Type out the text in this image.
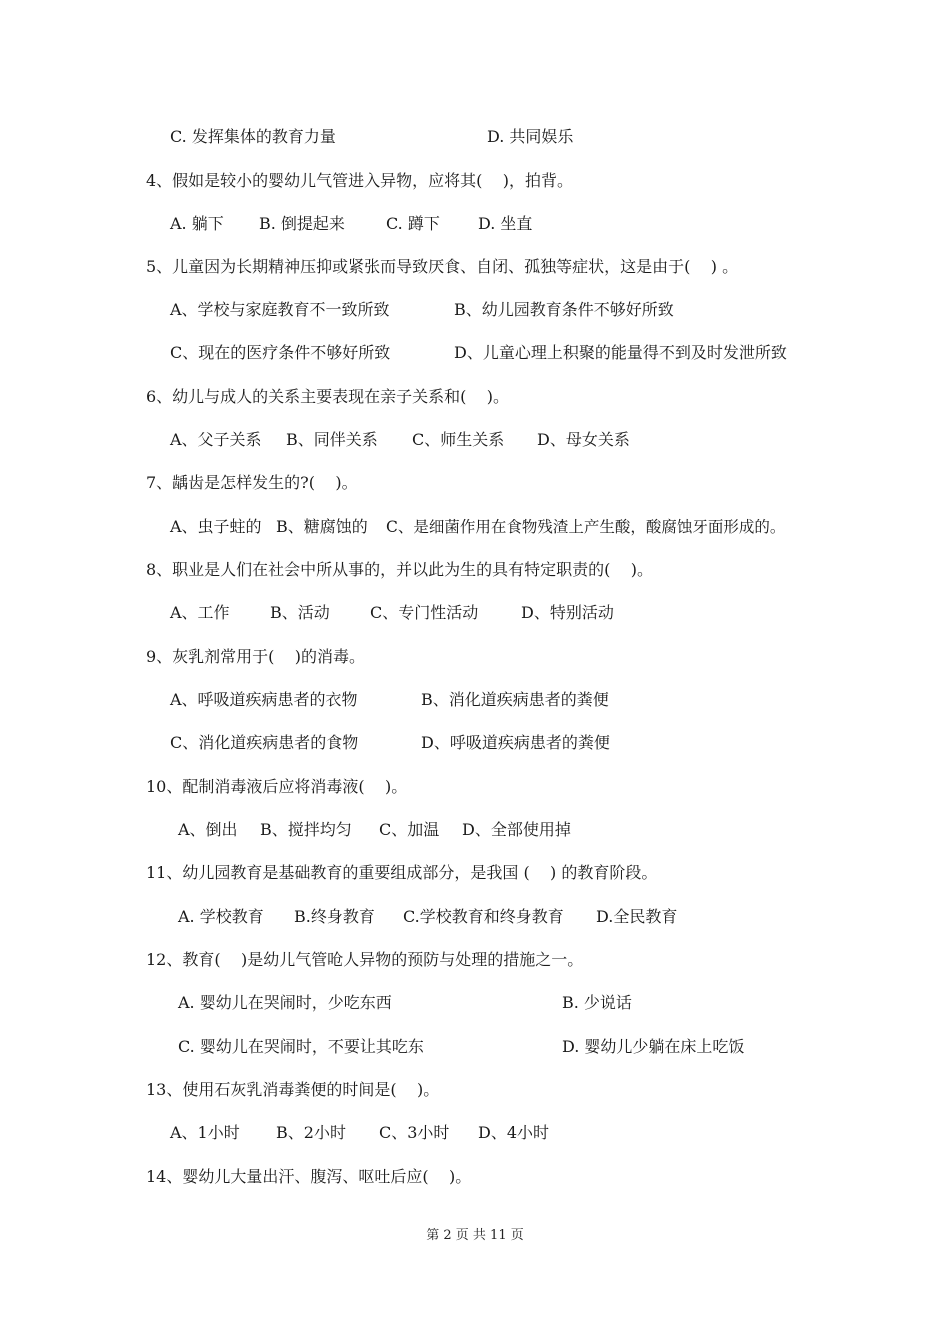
C. 发挥集体的教育力量	D. 共同娱乐
4、假如是较小的婴幼儿气管进入异物，应将其(    )，拍背。
A. 躺下 B. 倒提起来	C. 蹲下 D. 坐直
5、儿童因为长期精神压抑或紧张而导致厌食、自闭、孤独等症状，这是由于(    ) 。
A、学校与家庭教育不一致所致	B、幼儿园教育条件不够好所致
C、现在的医疗条件不够好所致	D、儿童心理上积聚的能量得不到及时发泄所致
6、幼儿与成人的关系主要表现在亲子关系和(    )。
A、父子关系 B、同伴关系 C、师生关系 D、母女关系
7、龋齿是怎样发生的?(    )。
A、虫子蛀的 B、糖腐蚀的 C、是细菌作用在食物残渣上产生酸，酸腐蚀牙面形成的。
8、职业是人们在社会中所从事的，并以此为生的具有特定职责的(    )。
A、工作	B、活动	C、专门性活动	D、特别活动
9、灰乳剂常用于(    )的消毒。
A、呼吸道疾病患者的衣物	B、消化道疾病患者的粪便
C、消化道疾病患者的食物	D、呼吸道疾病患者的粪便
10、配制消毒液后应将消毒液(    )。
A、倒出 B、搅拌均匀 C、加温 D、全部使用掉
11、幼儿园教育是基础教育的重要组成部分，是我国 (    ) 的教育阶段。
A. 学校教育 B.终身教育 C.学校教育和终身教育 D.全民教育
12、教育(    )是幼儿气管呛人异物的预防与处理的措施之一。
A. 婴幼儿在哭闹时，少吃东西	B. 少说话
C. 婴幼儿在哭闹时，不要让其吃东	D. 婴幼儿少躺在床上吃饭
13、使用石灰乳消毒粪便的时间是(    )。
A、1小时 B、2小时 C、3小时 D、4小时
14、婴幼儿大量出汗、腹泻、呕吐后应(    )。
第 2 页 共 11 页
